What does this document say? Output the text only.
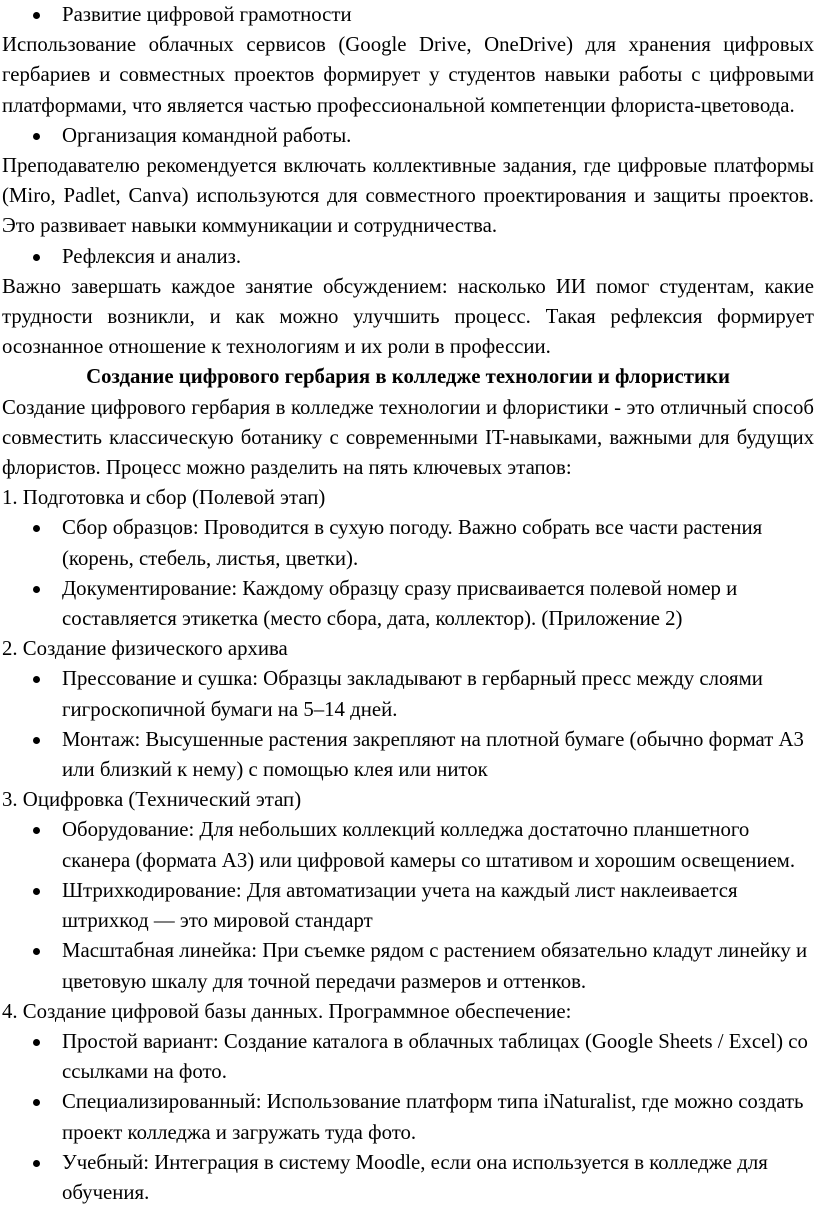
Развитие цифровой грамотности

Использование облачных сервисов (Google Drive, OneDrive) для хранения цифровых гербариев и совместных проектов формирует у студентов навыки работы с цифровыми платформами, что является частью профессиональной компетенции флориста-цветовода.

Организация командной работы.

Преподавателю рекомендуется включать коллективные задания, где цифровые платформы (Miro, Padlet, Canva) используются для совместного проектирования и защиты проектов. Это развивает навыки коммуникации и сотрудничества.

Рефлексия и анализ.

Важно завершать каждое занятие обсуждением: насколько ИИ помог студентам, какие трудности возникли, и как можно улучшить процесс. Такая рефлексия формирует осознанное отношение к технологиям и их роли в профессии.

Создание цифрового гербария в колледже технологии и флористики

Создание цифрового гербария в колледже технологии и флористики - это отличный способ совместить классическую ботанику с современными IT-навыками, важными для будущих флористов. Процесс можно разделить на пять ключевых этапов:

1. Подготовка и сбор (Полевой этап)

Сбор образцов: Проводится в сухую погоду. Важно собрать все части растения (корень, стебель, листья, цветки).

Документирование: Каждому образцу сразу присваивается полевой номер и составляется этикетка (место сбора, дата, коллектор). (Приложение 2)

2. Создание физического архива

Прессование и сушка: Образцы закладывают в гербарный пресс между слоями гигроскопичной бумаги на 5–14 дней.

Монтаж: Высушенные растения закрепляют на плотной бумаге (обычно формат А3 или близкий к нему) с помощью клея или ниток

3. Оцифровка (Технический этап)

Оборудование: Для небольших коллекций колледжа достаточно планшетного сканера (формата А3) или цифровой камеры со штативом и хорошим освещением.

Штрихкодирование: Для автоматизации учета на каждый лист наклеивается штрихкод — это мировой стандарт

Масштабная линейка: При съемке рядом с растением обязательно кладут линейку и цветовую шкалу для точной передачи размеров и оттенков.

4. Создание цифровой базы данных. Программное обеспечение:

Простой вариант: Создание каталога в облачных таблицах (Google Sheets / Excel) со ссылками на фото.

Специализированный: Использование платформ типа iNaturalist, где можно создать проект колледжа и загружать туда фото.

Учебный: Интеграция в систему Moodle, если она используется в колледже для обучения.
